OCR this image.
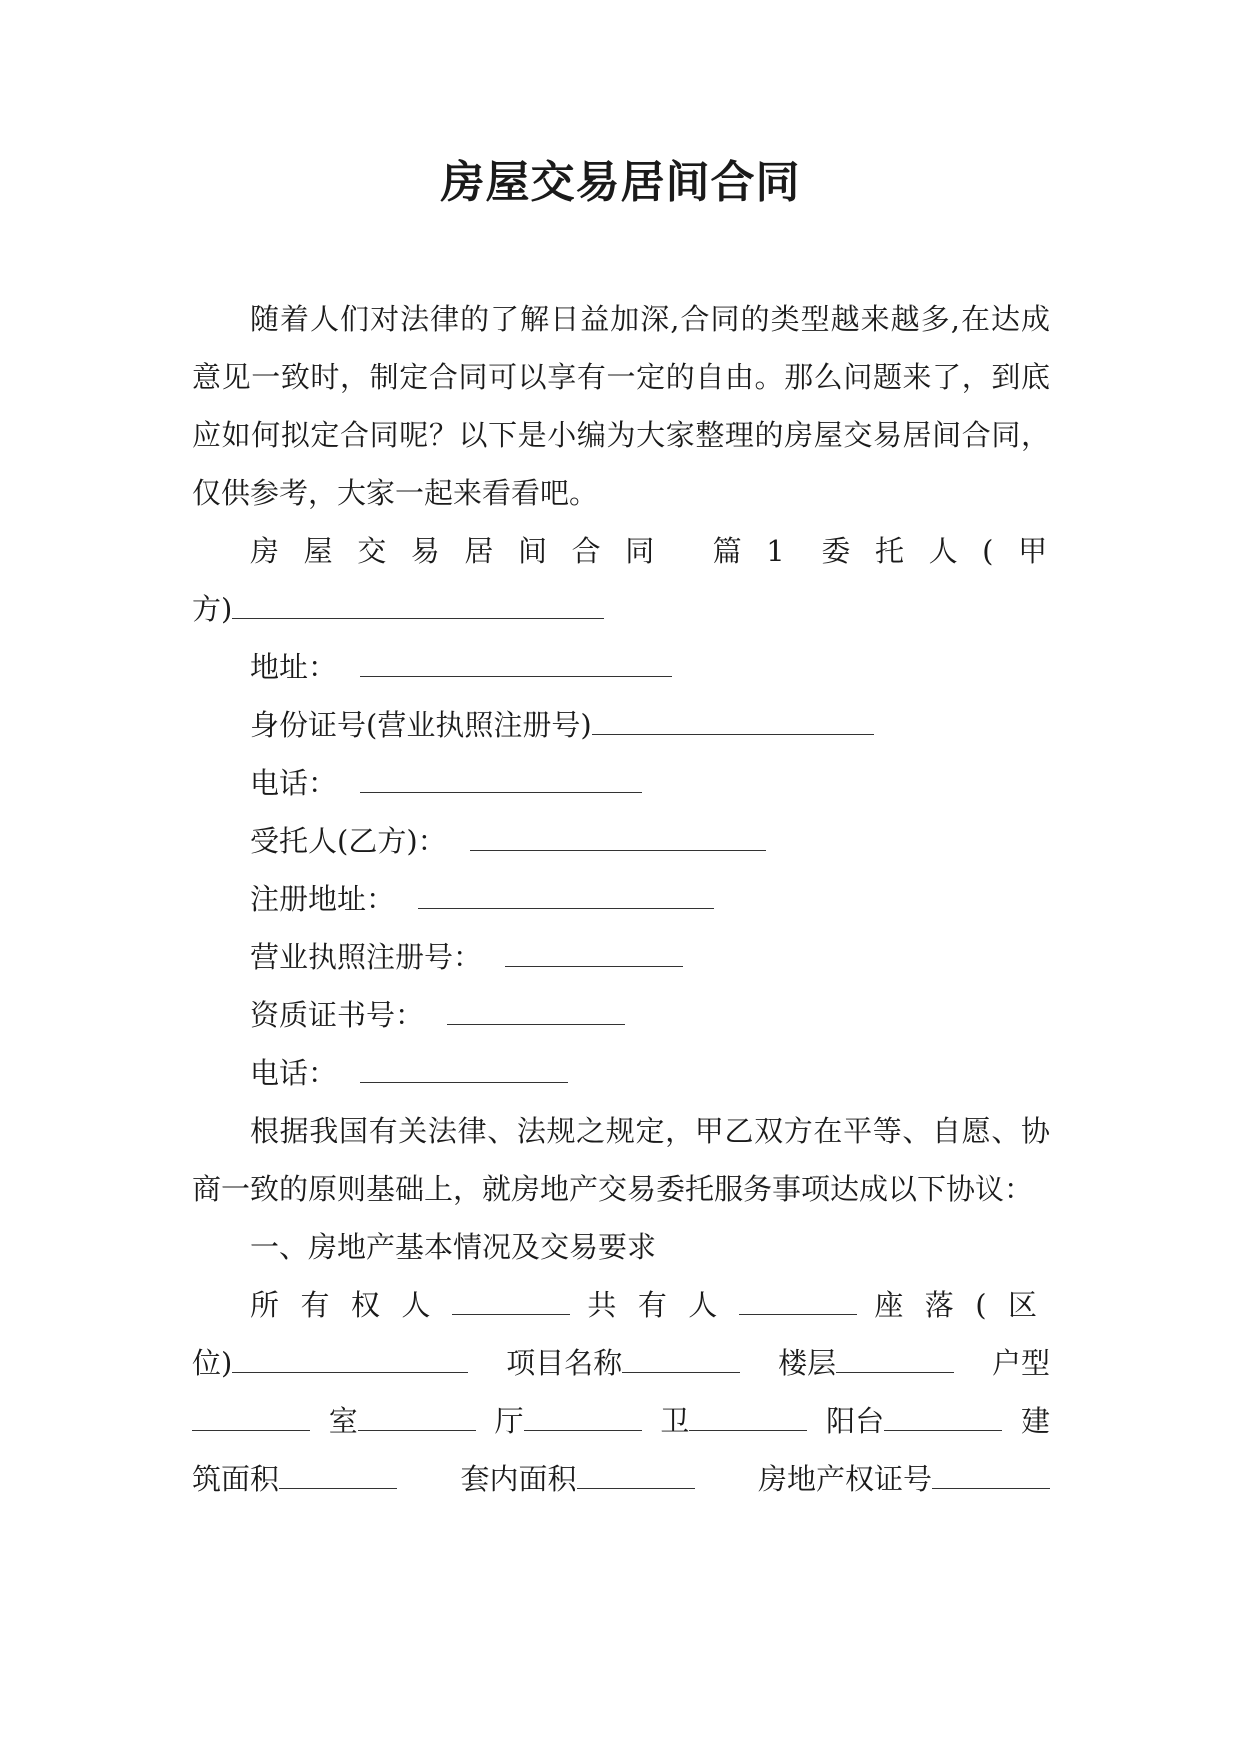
房屋交易居间合同

随着人们对法律的了解日益加深,合同的类型越来越多,在达成意见一致时，制定合同可以享有一定的自由。那么问题来了，到底应如何拟定合同呢？以下是小编为大家整理的房屋交易居间合同，仅供参考，大家一起来看看吧。

房屋交易居间合同 篇1 委托人(甲
方)
地址：
身份证号(营业执照注册号)
电话：
受托人(乙方)：
注册地址：
营业执照注册号：
资质证书号：
电话：

根据我国有关法律、法规之规定，甲乙双方在平等、自愿、协商一致的原则基础上，就房地产交易委托服务事项达成以下协议：

一、房地产基本情况及交易要求
所有权人	共有人	座落(区
位)	项目名称	楼层	户型
室	厅	卫	阳台	建
筑面积	套内面积	房地产权证号
